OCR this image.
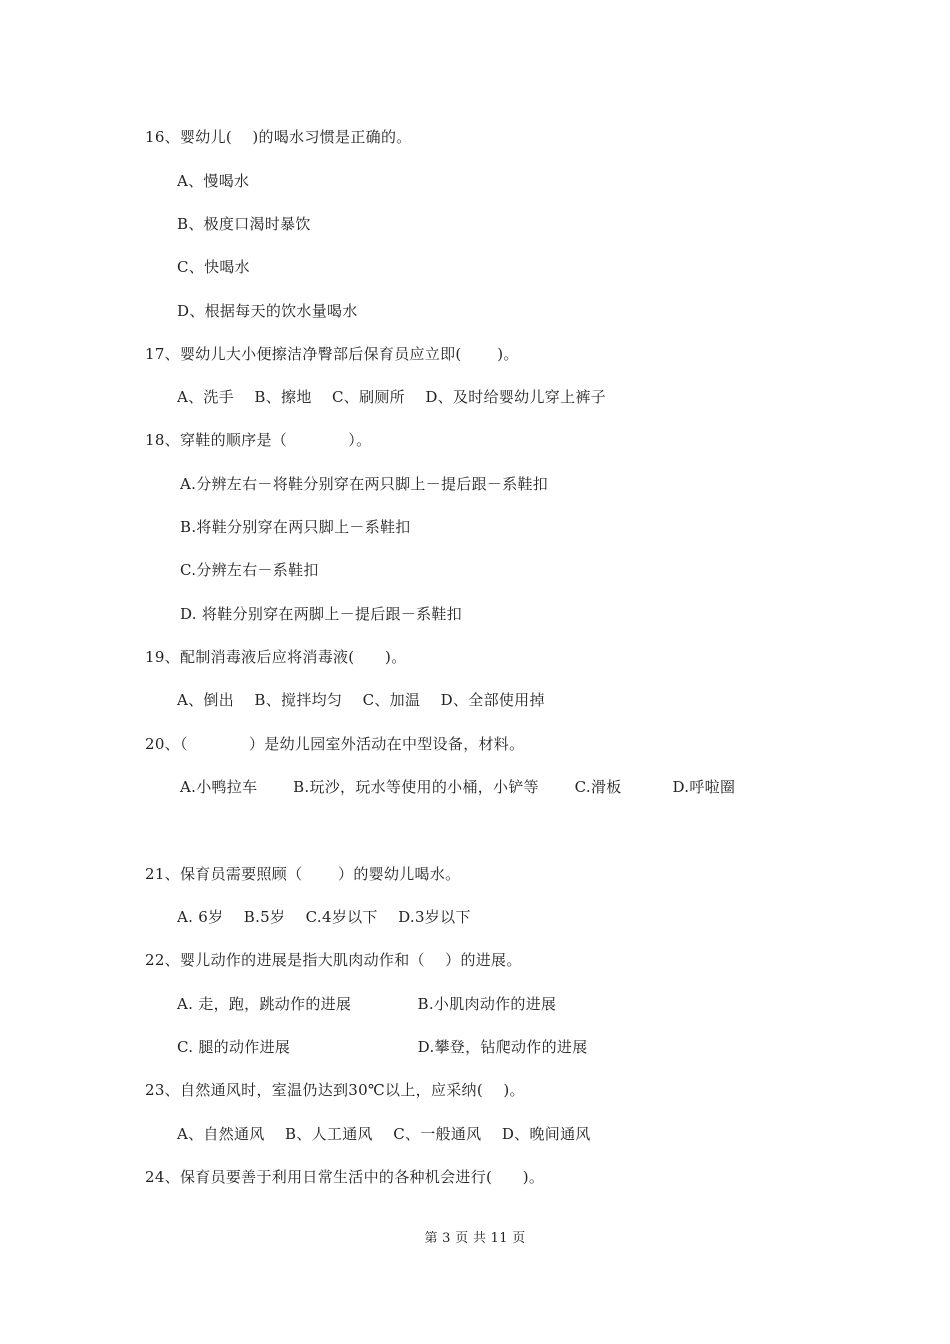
16、婴幼儿(　 )的喝水习惯是正确的。
A、慢喝水
B、极度口渴时暴饮
C、快喝水
D、根据每天的饮水量喝水
17、婴幼儿大小便擦洁净臀部后保育员应立即(　 　)。
A、洗手　 B、擦地　 C、刷厕所　 D、及时给婴幼儿穿上裤子
18、穿鞋的顺序是（　　　　）。
A.分辨左右－将鞋分别穿在两只脚上－提后跟－系鞋扣
B.将鞋分别穿在两只脚上－系鞋扣
C.分辨左右－系鞋扣
D. 将鞋分别穿在两脚上－提后跟－系鞋扣
19、配制消毒液后应将消毒液(　　)。
A、倒出　 B、搅拌均匀　 C、加温　 D、全部使用掉
20、（　　　　）是幼儿园室外活动在中型设备，材料。
A.小鸭拉车　　 B.玩沙，玩水等使用的小桶，小铲等　　 C.滑板　　　 D.呼啦圈
21、保育员需要照顾（　　 ）的婴幼儿喝水。
A. 6岁　 B.5岁　 C.4岁以下　 D.3岁以下
22、婴儿动作的进展是指大肌肉动作和（　 ）的进展。
A. 走，跑，跳动作的进展　　　　 B.小肌肉动作的进展
C. 腿的动作进展　　　　　　　　 D.攀登，钻爬动作的进展
23、自然通风时，室温仍达到30℃以上，应采纳(　 )。
A、自然通风　 B、人工通风　 C、一般通风　 D、晚间通风
24、保育员要善于利用日常生活中的各种机会进行(　　)。
第 3 页 共 11 页
